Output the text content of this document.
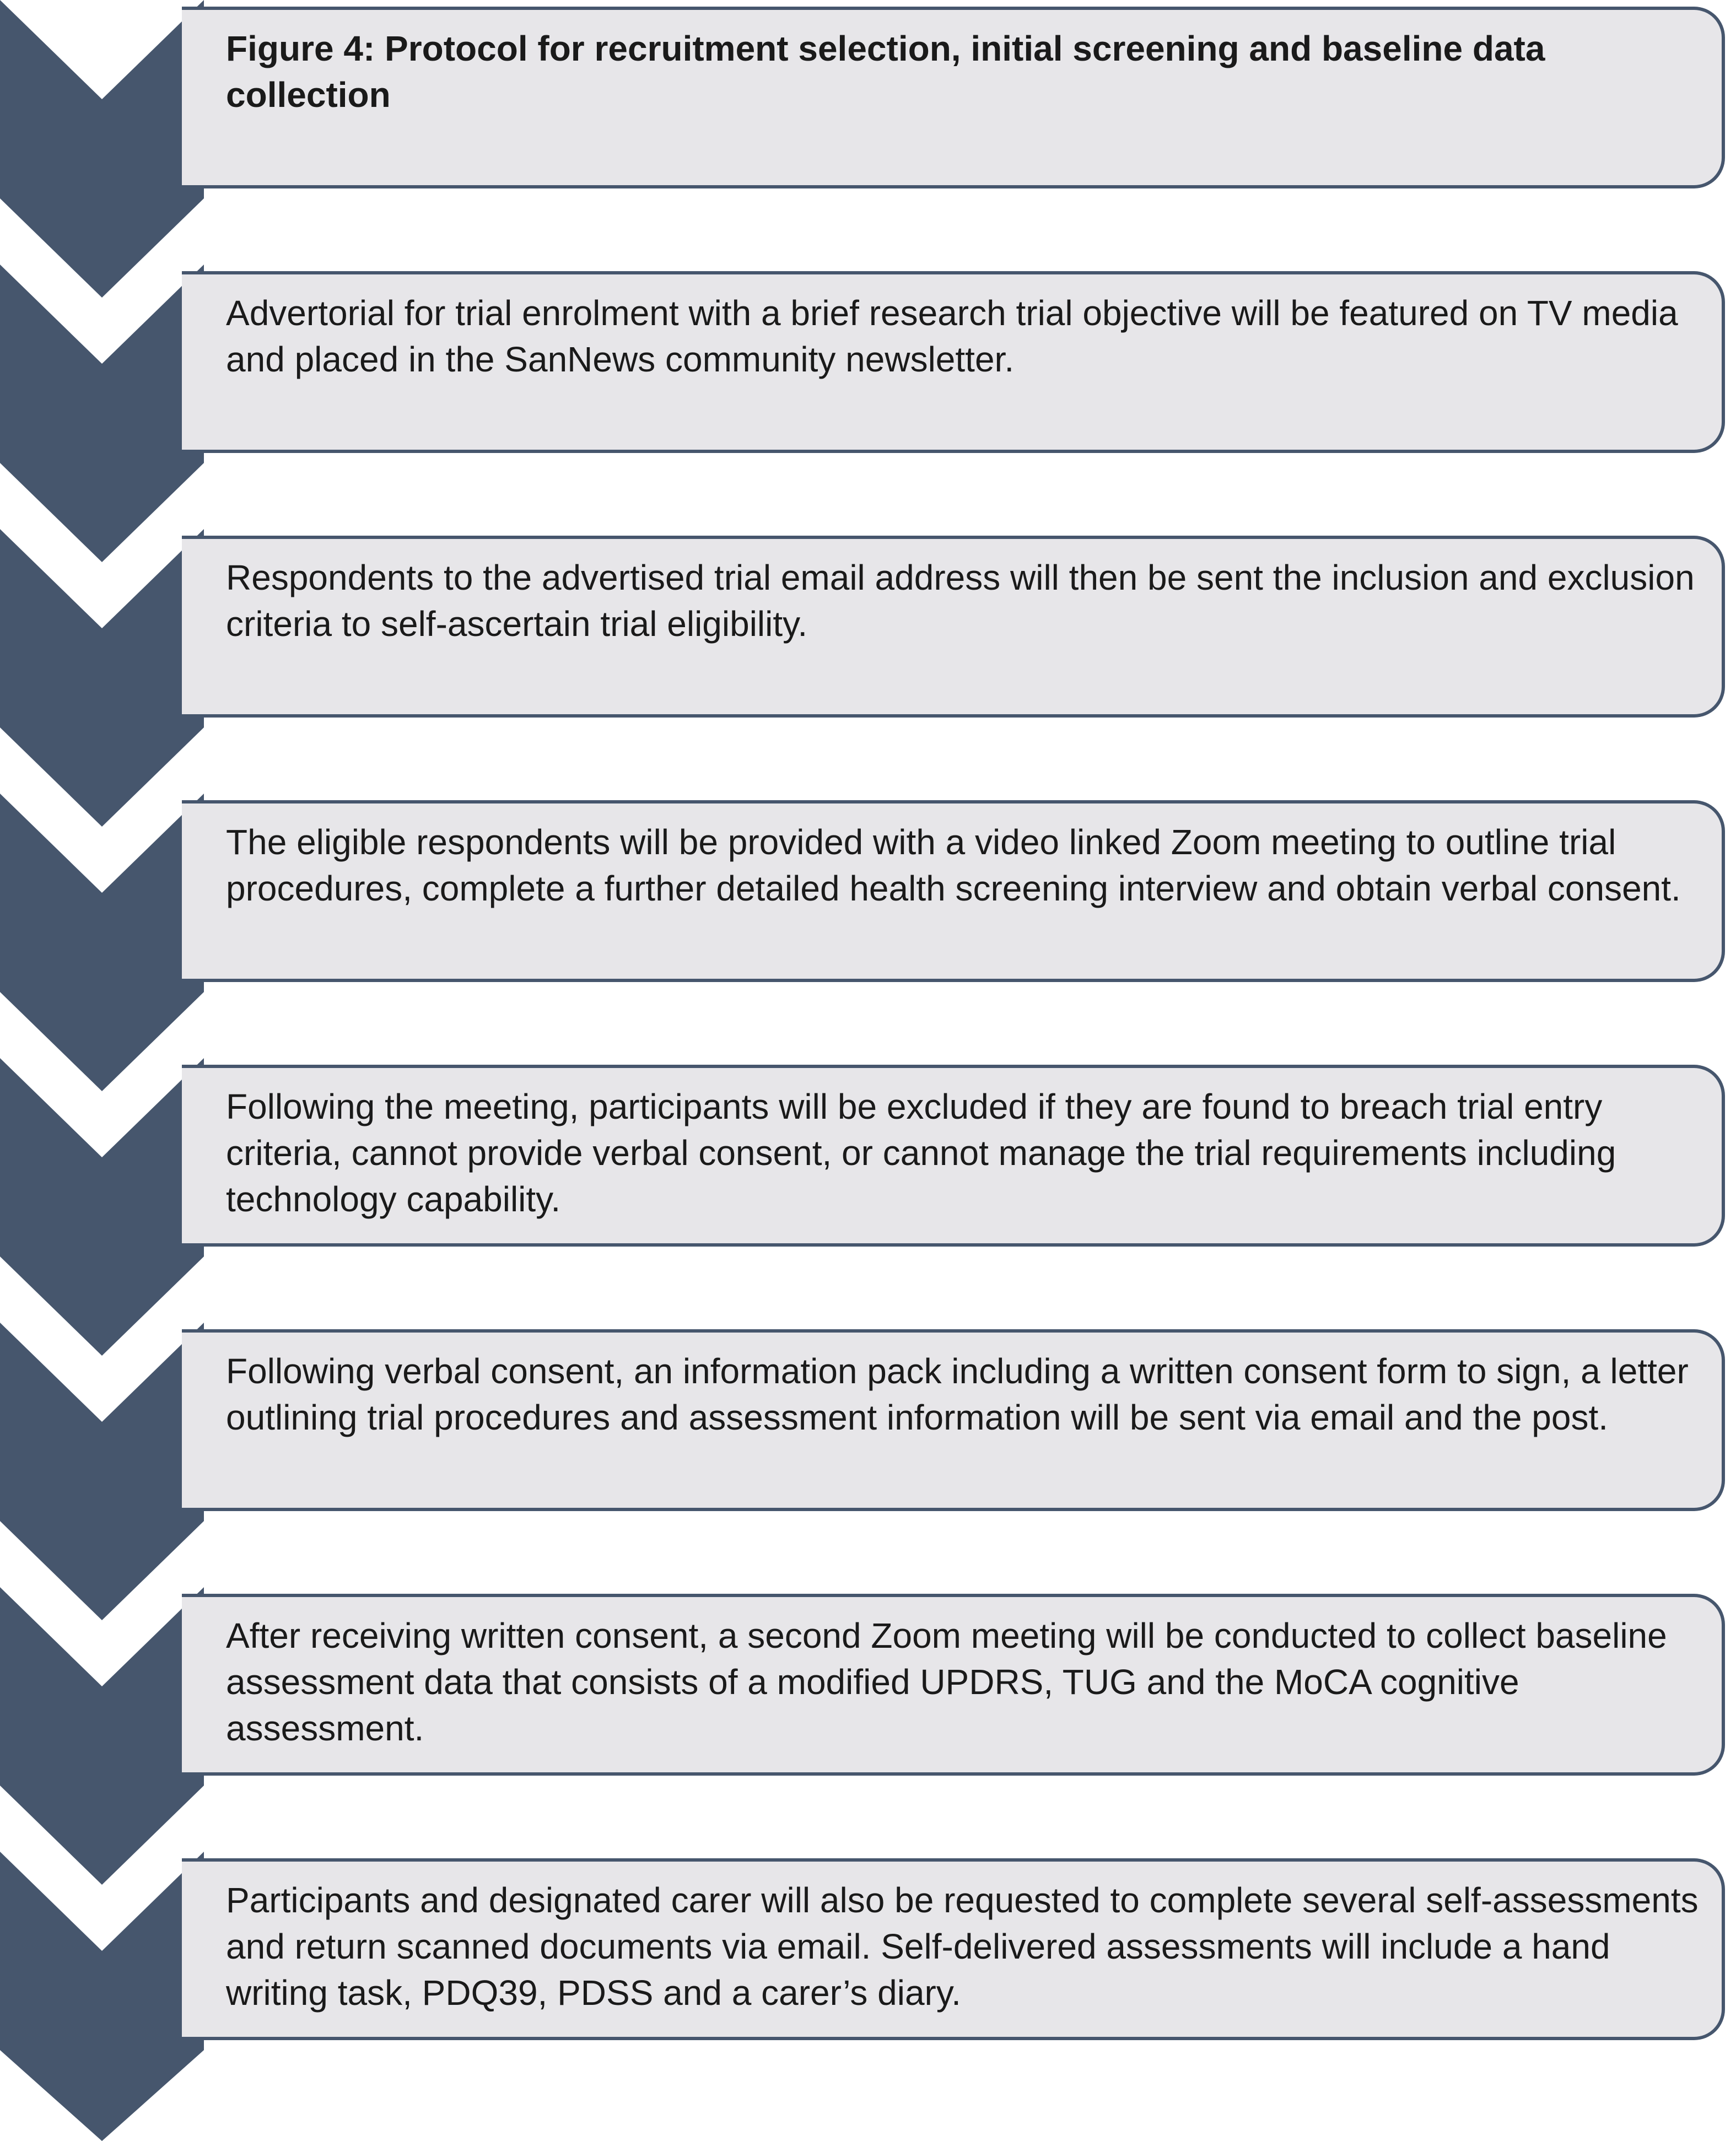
Figure 4: Protocol for recruitment selection, initial screening and baseline data collection

Advertorial for trial enrolment with a brief research trial objective will be featured on TV media and placed in the SanNews community newsletter.

Respondents to the advertised trial email address will then be sent the inclusion and exclusion criteria to self-ascertain trial eligibility.

The eligible respondents will be provided with a video linked Zoom meeting to outline trial procedures, complete a further detailed health screening interview and obtain verbal consent.

Following the meeting, participants will be excluded if they are found to breach trial entry criteria, cannot provide verbal consent, or cannot manage the trial requirements including technology capability.

Following verbal consent, an information pack including a written consent form to sign, a letter outlining trial procedures and assessment information will be sent via email and the post.

After receiving written consent, a second Zoom meeting will be conducted to collect baseline assessment data that consists of a modified UPDRS, TUG and the MoCA cognitive assessment.

Participants and designated carer will also be requested to complete several self-assessments and return scanned documents via email. Self-delivered assessments will include a hand writing task, PDQ39, PDSS and a carer’s diary.
